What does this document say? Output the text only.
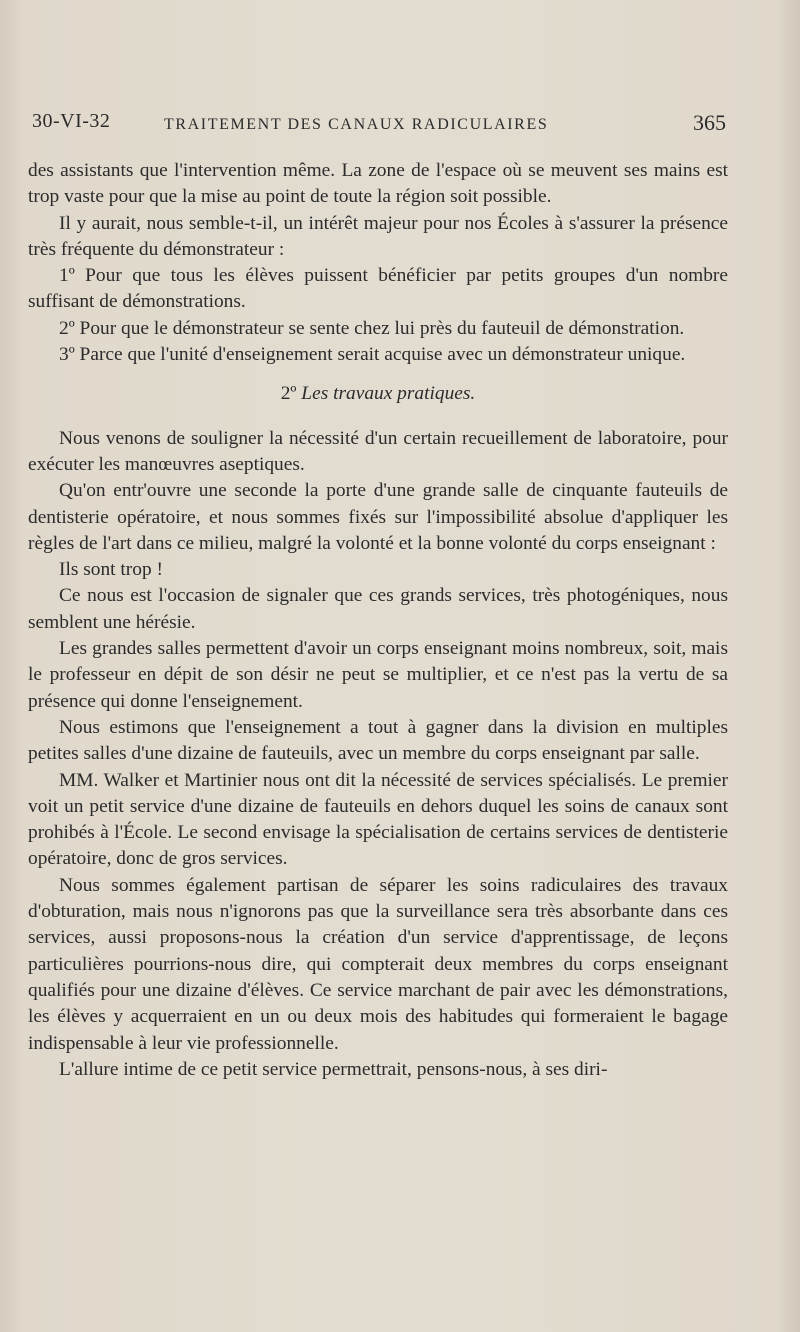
30-VI-32	TRAITEMENT DES CANAUX RADICULAIRES	365

des assistants que l'intervention même. La zone de l'espace où se meuvent ses mains est trop vaste pour que la mise au point de toute la région soit possible.

Il y aurait, nous semble-t-il, un intérêt majeur pour nos Écoles à s'assurer la présence très fréquente du démonstrateur :

1º Pour que tous les élèves puissent bénéficier par petits groupes d'un nombre suffisant de démonstrations.

2º Pour que le démonstrateur se sente chez lui près du fauteuil de démonstration.

3º Parce que l'unité d'enseignement serait acquise avec un démonstrateur unique.

2º Les travaux pratiques.

Nous venons de souligner la nécessité d'un certain recueillement de laboratoire, pour exécuter les manœuvres aseptiques.

Qu'on entr'ouvre une seconde la porte d'une grande salle de cinquante fauteuils de dentisterie opératoire, et nous sommes fixés sur l'impossibilité absolue d'appliquer les règles de l'art dans ce milieu, malgré la volonté et la bonne volonté du corps enseignant :

Ils sont trop !

Ce nous est l'occasion de signaler que ces grands services, très photogéniques, nous semblent une hérésie.

Les grandes salles permettent d'avoir un corps enseignant moins nombreux, soit, mais le professeur en dépit de son désir ne peut se multiplier, et ce n'est pas la vertu de sa présence qui donne l'enseignement.

Nous estimons que l'enseignement a tout à gagner dans la division en multiples petites salles d'une dizaine de fauteuils, avec un membre du corps enseignant par salle.

MM. Walker et Martinier nous ont dit la nécessité de services spécialisés. Le premier voit un petit service d'une dizaine de fauteuils en dehors duquel les soins de canaux sont prohibés à l'École. Le second envisage la spécialisation de certains services de dentisterie opératoire, donc de gros services.

Nous sommes également partisan de séparer les soins radiculaires des travaux d'obturation, mais nous n'ignorons pas que la surveillance sera très absorbante dans ces services, aussi proposons-nous la création d'un service d'apprentissage, de leçons particulières pourrions-nous dire, qui compterait deux membres du corps enseignant qualifiés pour une dizaine d'élèves. Ce service marchant de pair avec les démonstrations, les élèves y acquerraient en un ou deux mois des habitudes qui formeraient le bagage indispensable à leur vie professionnelle.

L'allure intime de ce petit service permettrait, pensons-nous, à ses diri-
